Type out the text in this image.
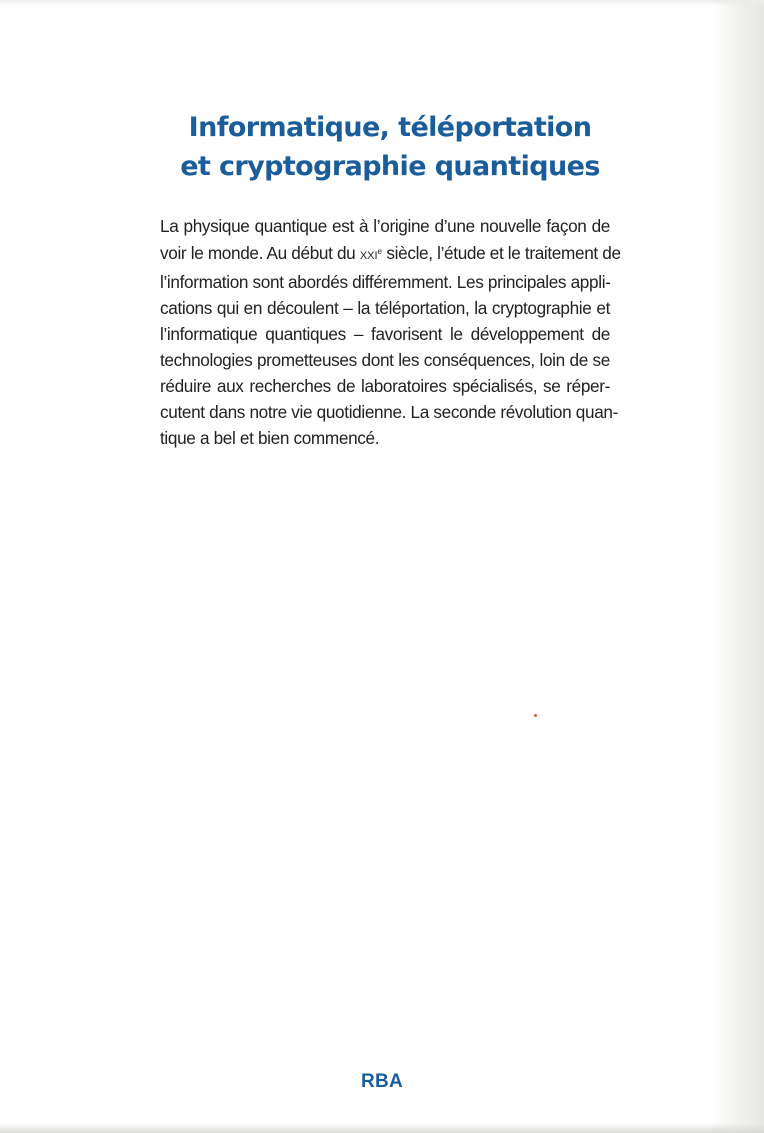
Informatique, téléportation
et cryptographie quantiques
La physique quantique est à l’origine d’une nouvelle façon de
voir le monde. Au début du XXIe siècle, l’étude et le traitement de
l’information sont abordés différemment. Les principales appli-
cations qui en découlent – la téléportation, la cryptographie et
l’informatique quantiques – favorisent le développement de
technologies prometteuses dont les conséquences, loin de se
réduire aux recherches de laboratoires spécialisés, se réper-
cutent dans notre vie quotidienne. La seconde révolution quan-
tique a bel et bien commencé.
RBA
